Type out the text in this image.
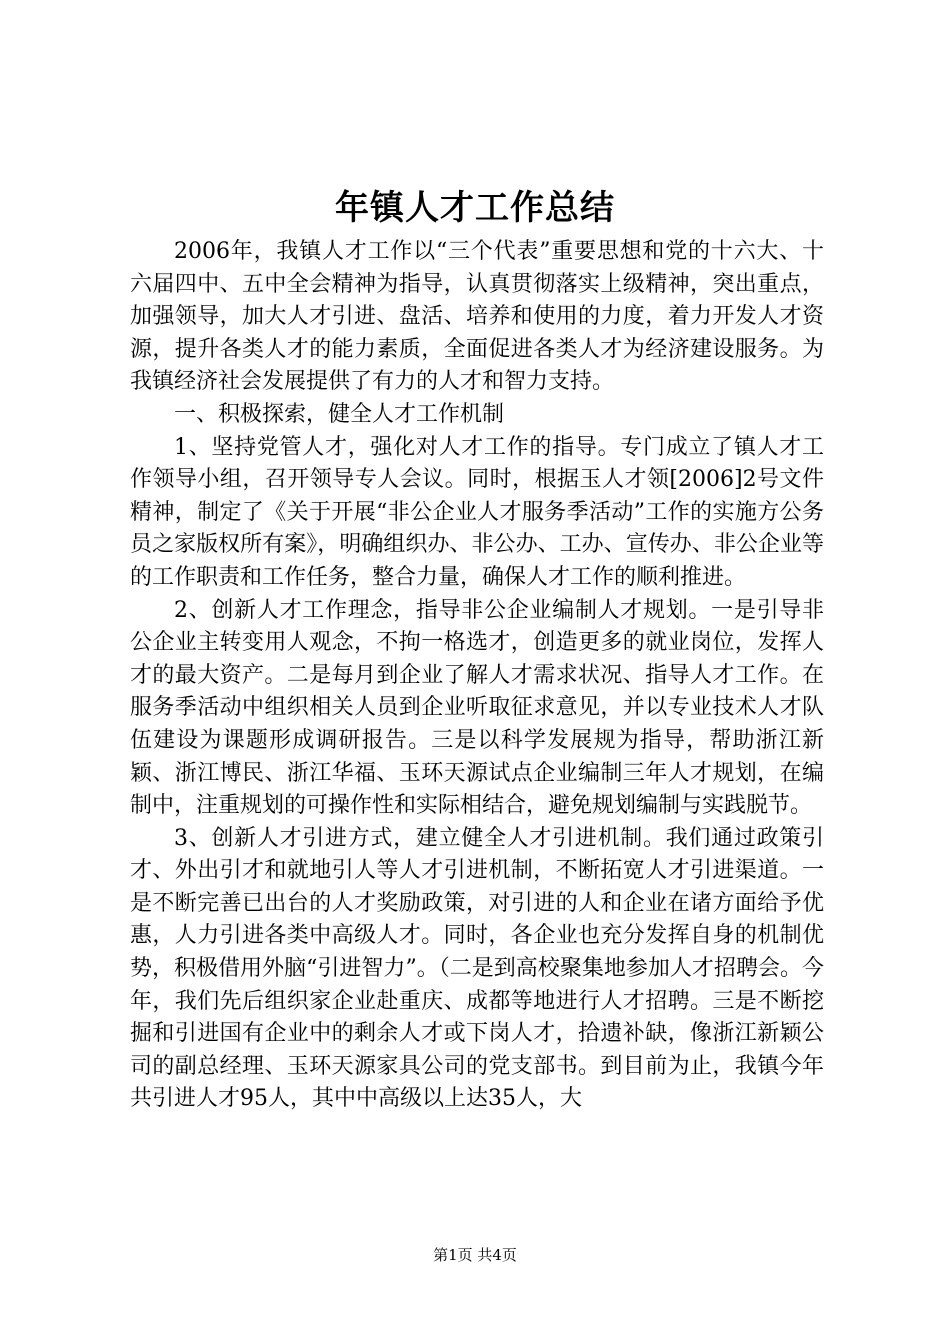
年镇人才工作总结

2006年，我镇人才工作以“三个代表”重要思想和党的十六大、十六届四中、五中全会精神为指导，认真贯彻落实上级精神，突出重点，加强领导，加大人才引进、盘活、培养和使用的力度，着力开发人才资源，提升各类人才的能力素质，全面促进各类人才为经济建设服务。为我镇经济社会发展提供了有力的人才和智力支持。

一、积极探索，健全人才工作机制

1、坚持党管人才，强化对人才工作的指导。专门成立了镇人才工作领导小组，召开领导专人会议。同时，根据玉人才领[2006]2号文件精神，制定了《关于开展“非公企业人才服务季活动”工作的实施方公务员之家版权所有案》，明确组织办、非公办、工办、宣传办、非公企业等的工作职责和工作任务，整合力量，确保人才工作的顺利推进。

2、创新人才工作理念，指导非公企业编制人才规划。一是引导非公企业主转变用人观念，不拘一格选才，创造更多的就业岗位，发挥人才的最大资产。二是每月到企业了解人才需求状况、指导人才工作。在服务季活动中组织相关人员到企业听取征求意见，并以专业技术人才队伍建设为课题形成调研报告。三是以科学发展规为指导，帮助浙江新颖、浙江博民、浙江华福、玉环天源试点企业编制三年人才规划，在编制中，注重规划的可操作性和实际相结合，避免规划编制与实践脱节。

3、创新人才引进方式，建立健全人才引进机制。我们通过政策引才、外出引才和就地引人等人才引进机制，不断拓宽人才引进渠道。一是不断完善已出台的人才奖励政策，对引进的人和企业在诸方面给予优惠，人力引进各类中高级人才。同时，各企业也充分发挥自身的机制优势，积极借用外脑“引进智力”。（二是到高校聚集地参加人才招聘会。今年，我们先后组织家企业赴重庆、成都等地进行人才招聘。三是不断挖掘和引进国有企业中的剩余人才或下岗人才，拾遗补缺，像浙江新颖公司的副总经理、玉环天源家具公司的党支部书。到目前为止，我镇今年共引进人才95人，其中中高级以上达35人，大

第1页 共4页
